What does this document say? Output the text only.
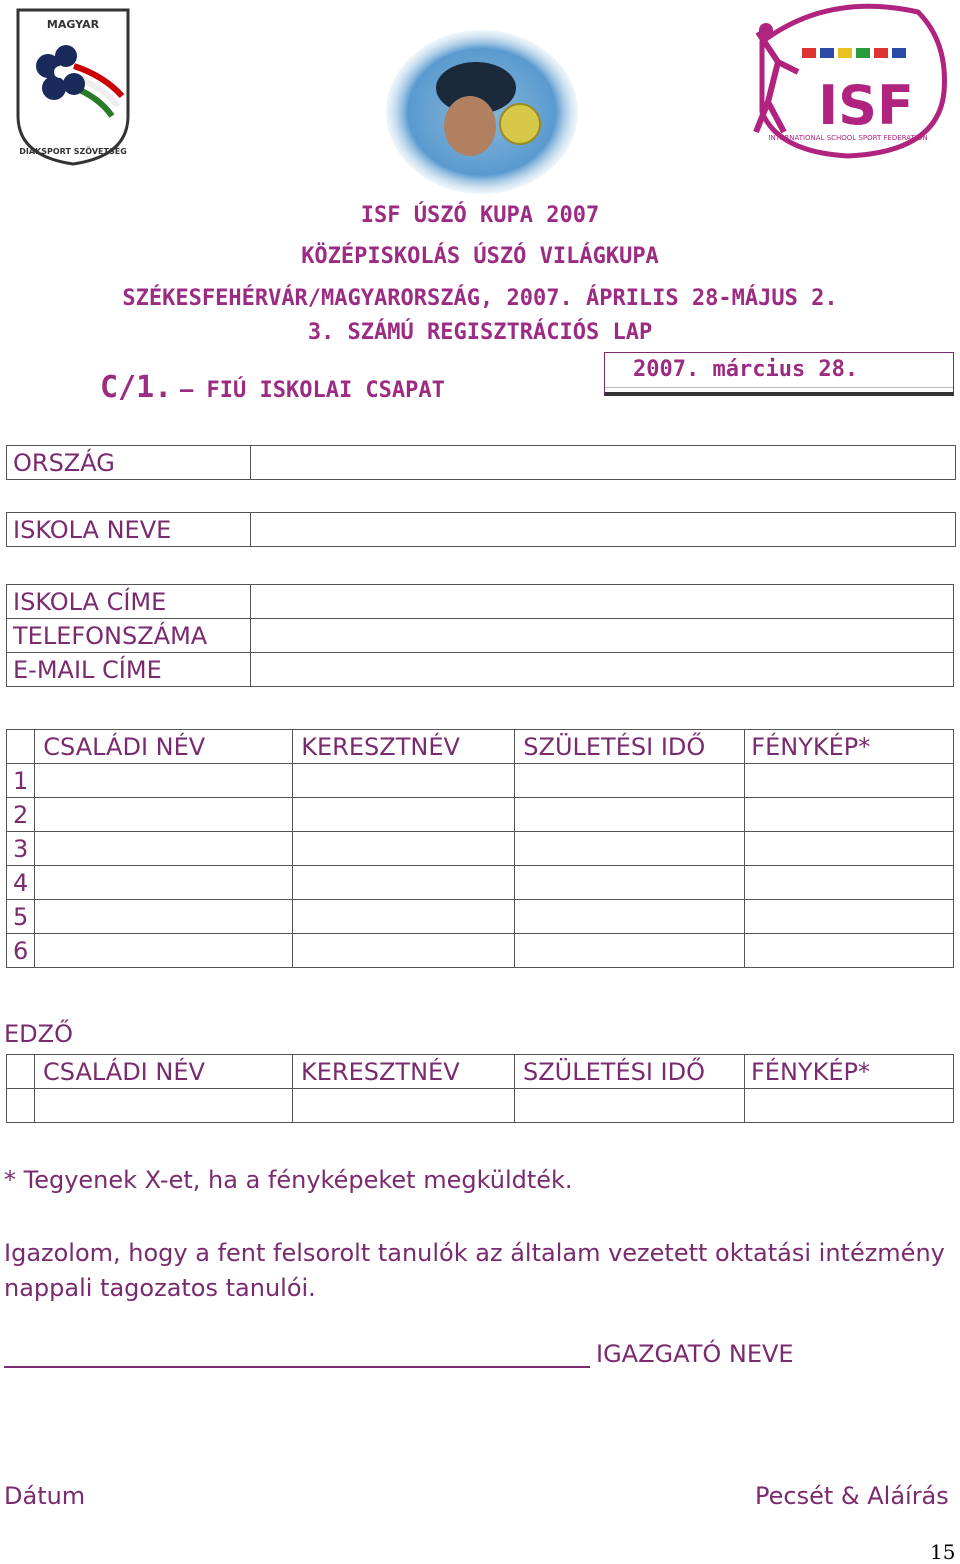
MAGYAR
DIÁKSPORT SZÖVETSÉG
ISF
INTERNATIONAL SCHOOL SPORT FEDERATION
ISF ÚSZÓ KUPA 2007
KÖZÉPISKOLÁS ÚSZÓ VILÁGKUPA
SZÉKESFEHÉRVÁR/MAGYARORSZÁG, 2007. ÁPRILIS 28-MÁJUS 2.
3. SZÁMÚ REGISZTRÁCIÓS LAP
C/1. – FIÚ ISKOLAI CSAPAT
2007. március 28.
ORSZÁG	
ISKOLA NEVE	
ISKOLA CÍME	
TELEFONSZÁMA	
E-MAIL CÍME	
	CSALÁDI NÉV	KERESZTNÉV	SZÜLETÉSI IDŐ	FÉNYKÉP*
1				
2				
3				
4				
5				
6				
EDZŐ
	CSALÁDI NÉV	KERESZTNÉV	SZÜLETÉSI IDŐ	FÉNYKÉP*

* Tegyenek X-et, ha a fényképeket megküldték.
Igazolom, hogy a fent felsorolt tanulók az általam vezetett oktatási intézmény nappali tagozatos tanulói.
IGAZGATÓ NEVE
Dátum	Pecsét & Aláírás
15
